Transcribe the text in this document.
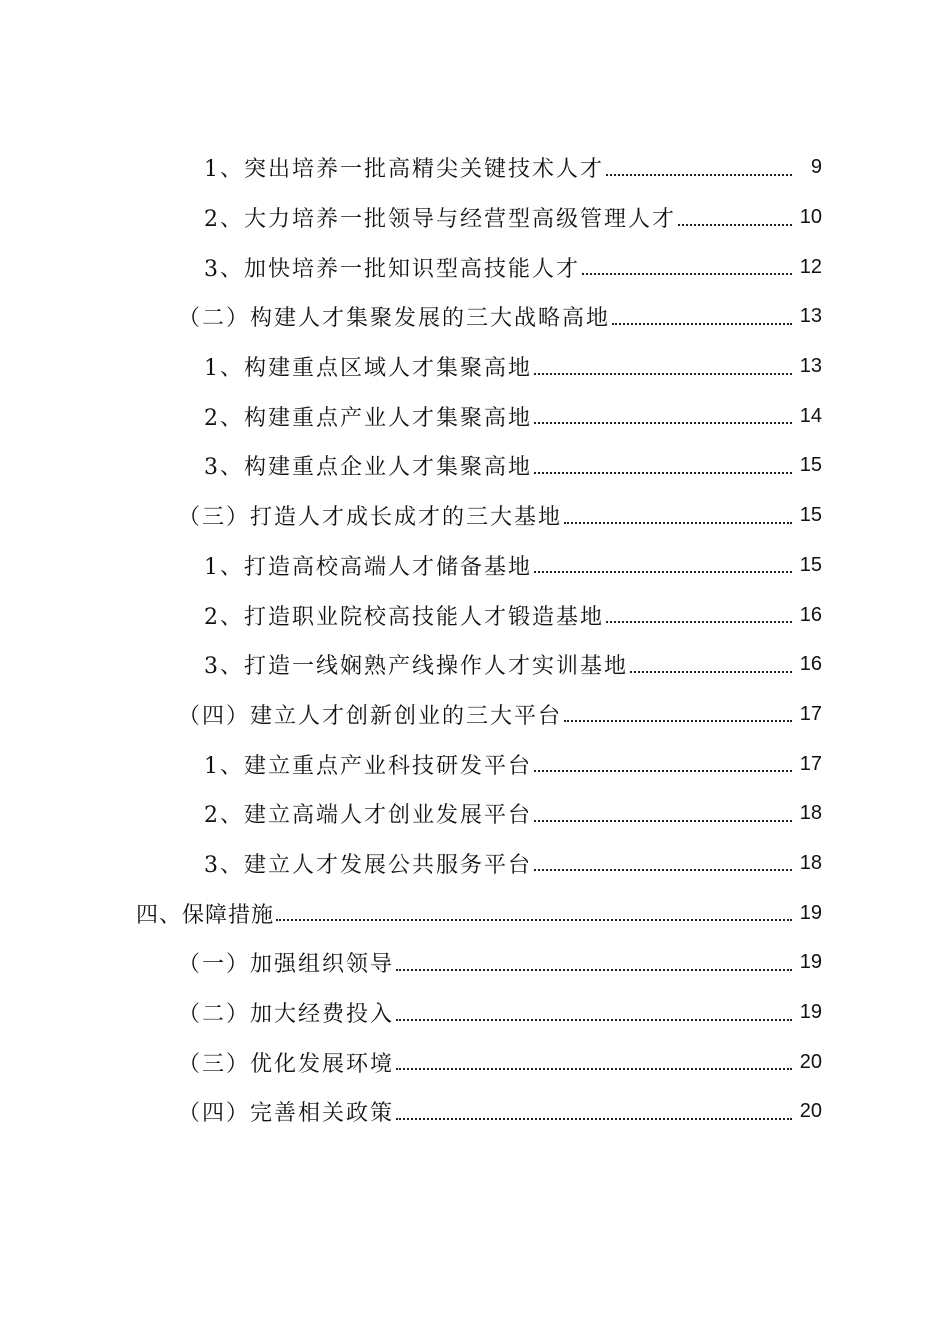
1、突出培养一批高精尖关键技术人才	9
2、大力培养一批领导与经营型高级管理人才	10
3、加快培养一批知识型高技能人才	12
（二）构建人才集聚发展的三大战略高地	13
1、构建重点区域人才集聚高地	13
2、构建重点产业人才集聚高地	14
3、构建重点企业人才集聚高地	15
（三）打造人才成长成才的三大基地	15
1、打造高校高端人才储备基地	15
2、打造职业院校高技能人才锻造基地	16
3、打造一线娴熟产线操作人才实训基地	16
（四）建立人才创新创业的三大平台	17
1、建立重点产业科技研发平台	17
2、建立高端人才创业发展平台	18
3、建立人才发展公共服务平台	18
四、保障措施	19
（一）加强组织领导	19
（二）加大经费投入	19
（三）优化发展环境	20
（四）完善相关政策	20
